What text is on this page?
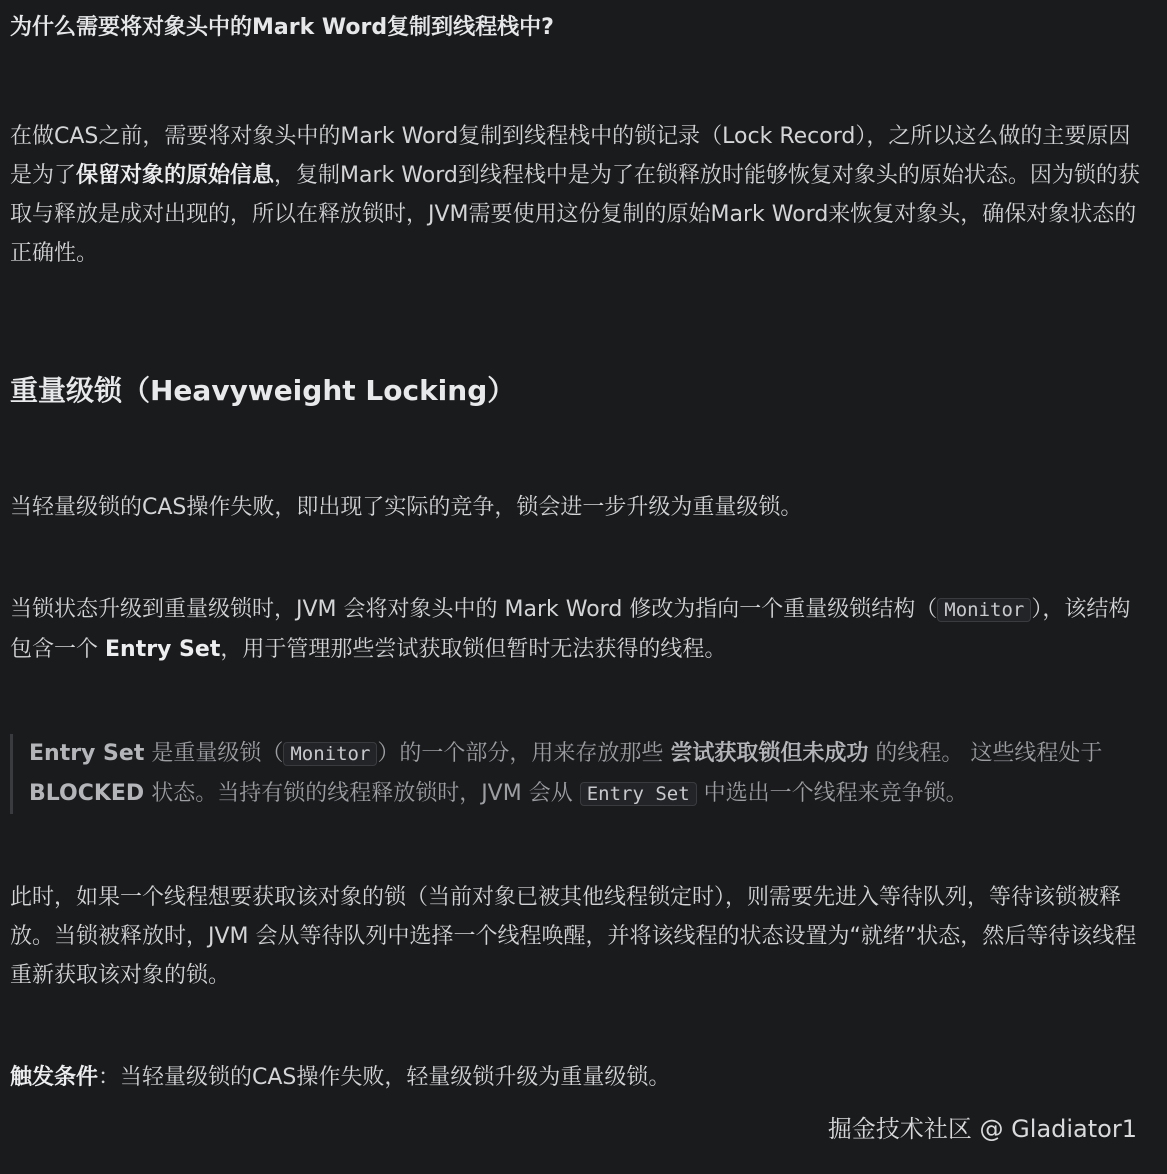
为什么需要将对象头中的Mark Word复制到线程栈中?

在做CAS之前，需要将对象头中的Mark Word复制到线程栈中的锁记录（Lock Record），之所以这么做的主要原因是为了保留对象的原始信息，复制Mark Word到线程栈中是为了在锁释放时能够恢复对象头的原始状态。因为锁的获取与释放是成对出现的，所以在释放锁时，JVM需要使用这份复制的原始Mark Word来恢复对象头，确保对象状态的正确性。

重量级锁（Heavyweight Locking）

当轻量级锁的CAS操作失败，即出现了实际的竞争，锁会进一步升级为重量级锁。

当锁状态升级到重量级锁时，JVM 会将对象头中的 Mark Word 修改为指向一个重量级锁结构（ Monitor ），该结构包含一个 Entry Set，用于管理那些尝试获取锁但暂时无法获得的线程。

Entry Set 是重量级锁（ Monitor ）的一个部分，用来存放那些 尝试获取锁但未成功 的线程。 这些线程处于 BLOCKED 状态。当持有锁的线程释放锁时，JVM 会从 Entry Set 中选出一个线程来竞争锁。

此时，如果一个线程想要获取该对象的锁（当前对象已被其他线程锁定时），则需要先进入等待队列，等待该锁被释放。当锁被释放时，JVM 会从等待队列中选择一个线程唤醒，并将该线程的状态设置为“就绪”状态，然后等待该线程重新获取该对象的锁。

触发条件：当轻量级锁的CAS操作失败，轻量级锁升级为重量级锁。

掘金技术社区 @ Gladiator1
